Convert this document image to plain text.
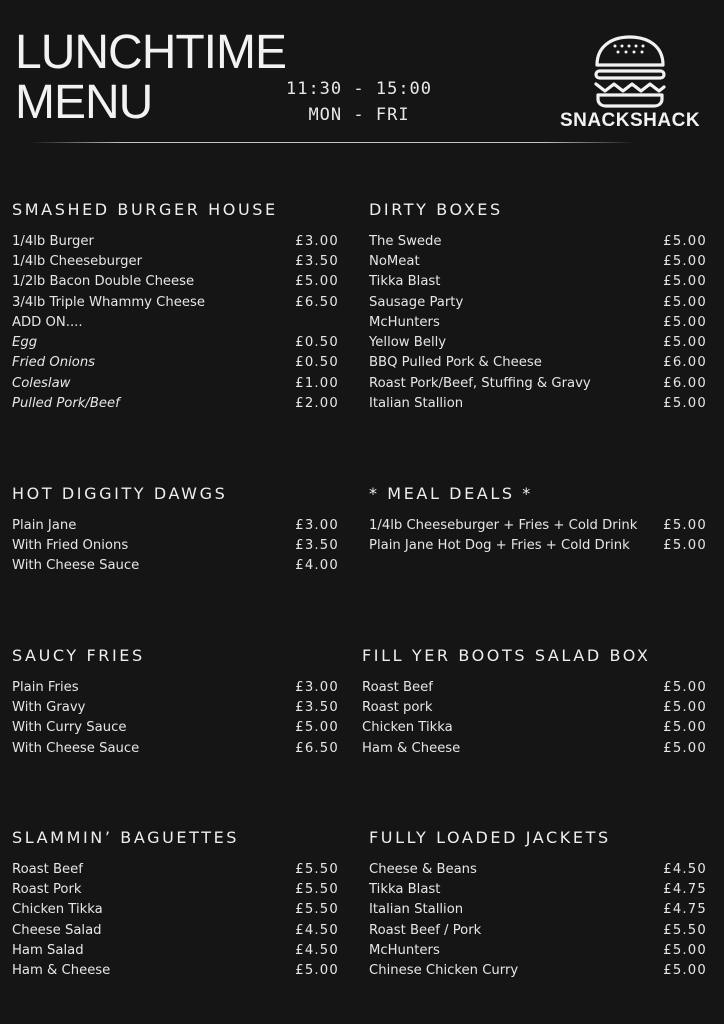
LUNCHTIME
MENU	11:30 - 15:00
MON - FRI	SNACKSHACK
SMASHED BURGER HOUSE
1/4lb Burger	£3.00
1/4lb Cheeseburger	£3.50
1/2lb Bacon Double Cheese	£5.00
3/4lb Triple Whammy Cheese	£6.50
ADD ON....
Egg	£0.50
Fried Onions	£0.50
Coleslaw	£1.00
Pulled Pork/Beef	£2.00
HOT DIGGITY DAWGS
Plain Jane	£3.00
With Fried Onions	£3.50
With Cheese Sauce	£4.00
SAUCY FRIES
Plain Fries	£3.00
With Gravy	£3.50
With Curry Sauce	£5.00
With Cheese Sauce	£6.50
SLAMMIN’ BAGUETTES
Roast Beef	£5.50
Roast Pork	£5.50
Chicken Tikka	£5.50
Cheese Salad	£4.50
Ham Salad	£4.50
Ham & Cheese	£5.00
DIRTY BOXES
The Swede	£5.00
NoMeat	£5.00
Tikka Blast	£5.00
Sausage Party	£5.00
McHunters	£5.00
Yellow Belly	£5.00
BBQ Pulled Pork & Cheese	£6.00
Roast Pork/Beef, Stuffing & Gravy	£6.00
Italian Stallion	£5.00
* MEAL DEALS *
1/4lb Cheeseburger + Fries + Cold Drink £5.00
Plain Jane Hot Dog + Fries + Cold Drink	£5.00
FILL YER BOOTS SALAD BOX
Roast Beef	£5.00
Roast pork	£5.00
Chicken Tikka	£5.00
Ham & Cheese	£5.00
FULLY LOADED JACKETS
Cheese & Beans	£4.50
Tikka Blast	£4.75
Italian Stallion	£4.75
Roast Beef / Pork	£5.50
McHunters	£5.00
Chinese Chicken Curry	£5.00
